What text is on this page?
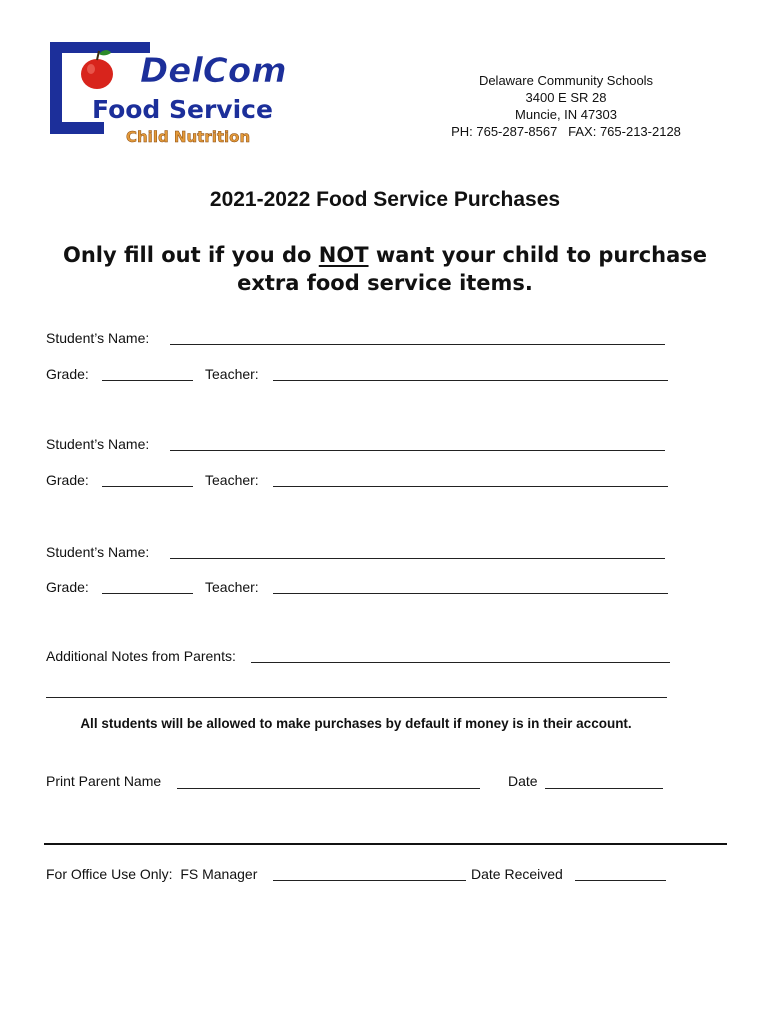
DelCom
Food Service
Child Nutrition
Delaware Community Schools
3400 E SR 28
Muncie, IN 47303
PH: 765-287-8567   FAX: 765-213-2128
2021-2022 Food Service Purchases
Only fill out if you do NOT want your child to purchase extra food service items.
Student’s Name:
Grade:	Teacher:
Student’s Name:
Grade:	Teacher:
Student’s Name:
Grade:	Teacher:
Additional Notes from Parents:
All students will be allowed to make purchases by default if money is in their account.
Print Parent Name	Date
For Office Use Only:  FS Manager	Date Received
